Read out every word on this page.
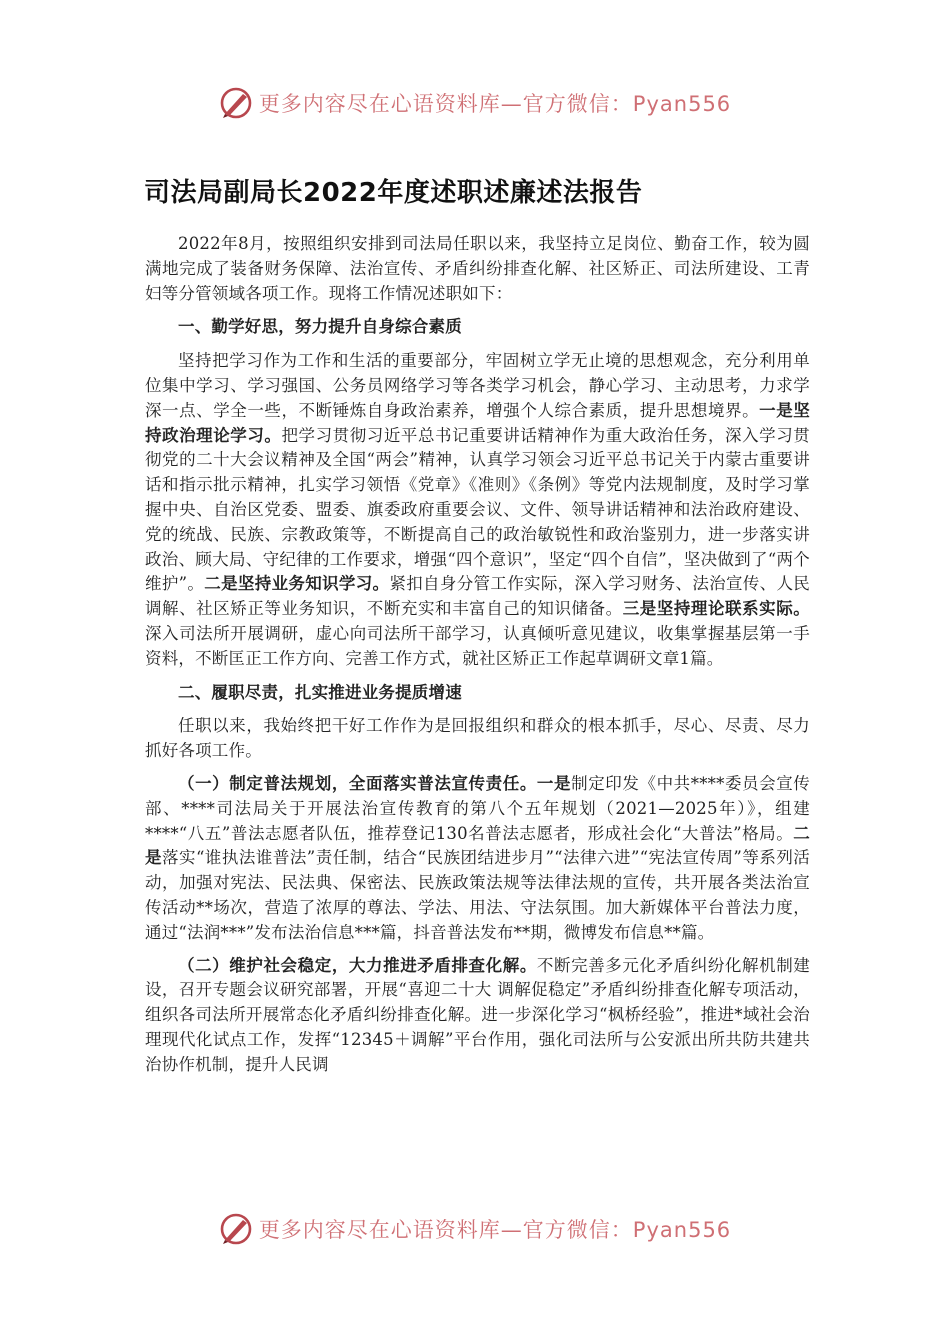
更多内容尽在心语资料库—官方微信：Pyan556
司法局副局长2022年度述职述廉述法报告

2022年8月，按照组织安排到司法局任职以来，我坚持立足岗位、勤奋工作，较为圆满地完成了装备财务保障、法治宣传、矛盾纠纷排查化解、社区矫正、司法所建设、工青妇等分管领域各项工作。现将工作情况述职如下：

一、勤学好思，努力提升自身综合素质

坚持把学习作为工作和生活的重要部分，牢固树立学无止境的思想观念，充分利用单位集中学习、学习强国、公务员网络学习等各类学习机会，静心学习、主动思考，力求学深一点、学全一些，不断锤炼自身政治素养，增强个人综合素质，提升思想境界。一是坚持政治理论学习。把学习贯彻习近平总书记重要讲话精神作为重大政治任务，深入学习贯彻党的二十大会议精神及全国“两会”精神，认真学习领会习近平总书记关于内蒙古重要讲话和指示批示精神，扎实学习领悟《党章》《准则》《条例》等党内法规制度，及时学习掌握中央、自治区党委、盟委、旗委政府重要会议、文件、领导讲话精神和法治政府建设、党的统战、民族、宗教政策等，不断提高自己的政治敏锐性和政治鉴别力，进一步落实讲政治、顾大局、守纪律的工作要求，增强“四个意识”，坚定“四个自信”，坚决做到了“两个维护”。二是坚持业务知识学习。紧扣自身分管工作实际，深入学习财务、法治宣传、人民调解、社区矫正等业务知识，不断充实和丰富自己的知识储备。三是坚持理论联系实际。深入司法所开展调研，虚心向司法所干部学习，认真倾听意见建议，收集掌握基层第一手资料，不断匡正工作方向、完善工作方式，就社区矫正工作起草调研文章1篇。

二、履职尽责，扎实推进业务提质增速

任职以来，我始终把干好工作作为是回报组织和群众的根本抓手，尽心、尽责、尽力抓好各项工作。

（一）制定普法规划，全面落实普法宣传责任。一是制定印发《中共****委员会宣传部、****司法局关于开展法治宣传教育的第八个五年规划（2021—2025年）》，组建****“八五”普法志愿者队伍，推荐登记130名普法志愿者，形成社会化“大普法”格局。二是落实“谁执法谁普法”责任制，结合“民族团结进步月”“法律六进”“宪法宣传周”等系列活动，加强对宪法、民法典、保密法、民族政策法规等法律法规的宣传，共开展各类法治宣传活动**场次，营造了浓厚的尊法、学法、用法、守法氛围。加大新媒体平台普法力度，通过“法润***”发布法治信息***篇，抖音普法发布**期，微博发布信息**篇。

（二）维护社会稳定，大力推进矛盾排查化解。不断完善多元化矛盾纠纷化解机制建设，召开专题会议研究部署，开展“喜迎二十大 调解促稳定”矛盾纠纷排查化解专项活动，组织各司法所开展常态化矛盾纠纷排查化解。进一步深化学习“枫桥经验”，推进*域社会治理现代化试点工作，发挥“12345＋调解”平台作用，强化司法所与公安派出所共防共建共治协作机制，提升人民调

更多内容尽在心语资料库—官方微信：Pyan556
